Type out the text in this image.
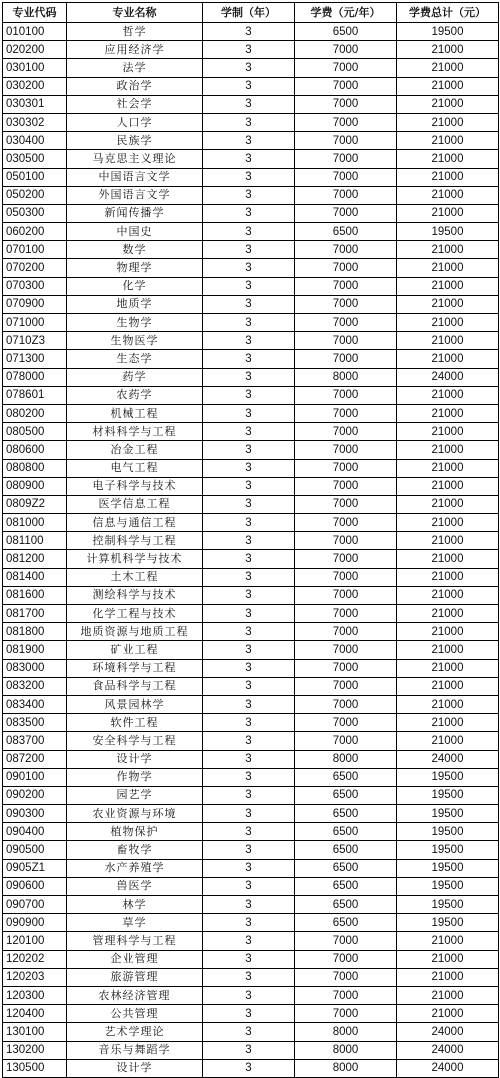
专业代码	专业名称	学制（年）	学费（元/年）	学费总计（元）
010100	哲学	3	6500	19500
020200	应用经济学	3	7000	21000
030100	法学	3	7000	21000
030200	政治学	3	7000	21000
030301	社会学	3	7000	21000
030302	人口学	3	7000	21000
030400	民族学	3	7000	21000
030500	马克思主义理论	3	7000	21000
050100	中国语言文学	3	7000	21000
050200	外国语言文学	3	7000	21000
050300	新闻传播学	3	7000	21000
060200	中国史	3	6500	19500
070100	数学	3	7000	21000
070200	物理学	3	7000	21000
070300	化学	3	7000	21000
070900	地质学	3	7000	21000
071000	生物学	3	7000	21000
0710Z3	生物医学	3	7000	21000
071300	生态学	3	7000	21000
078000	药学	3	8000	24000
078601	农药学	3	7000	21000
080200	机械工程	3	7000	21000
080500	材料科学与工程	3	7000	21000
080600	冶金工程	3	7000	21000
080800	电气工程	3	7000	21000
080900	电子科学与技术	3	7000	21000
0809Z2	医学信息工程	3	7000	21000
081000	信息与通信工程	3	7000	21000
081100	控制科学与工程	3	7000	21000
081200	计算机科学与技术	3	7000	21000
081400	土木工程	3	7000	21000
081600	测绘科学与技术	3	7000	21000
081700	化学工程与技术	3	7000	21000
081800	地质资源与地质工程	3	7000	21000
081900	矿业工程	3	7000	21000
083000	环境科学与工程	3	7000	21000
083200	食品科学与工程	3	7000	21000
083400	风景园林学	3	7000	21000
083500	软件工程	3	7000	21000
083700	安全科学与工程	3	7000	21000
087200	设计学	3	8000	24000
090100	作物学	3	6500	19500
090200	园艺学	3	6500	19500
090300	农业资源与环境	3	6500	19500
090400	植物保护	3	6500	19500
090500	畜牧学	3	6500	19500
0905Z1	水产养殖学	3	6500	19500
090600	兽医学	3	6500	19500
090700	林学	3	6500	19500
090900	草学	3	6500	19500
120100	管理科学与工程	3	7000	21000
120202	企业管理	3	7000	21000
120203	旅游管理	3	7000	21000
120300	农林经济管理	3	7000	21000
120400	公共管理	3	7000	21000
130100	艺术学理论	3	8000	24000
130200	音乐与舞蹈学	3	8000	24000
130500	设计学	3	8000	24000
